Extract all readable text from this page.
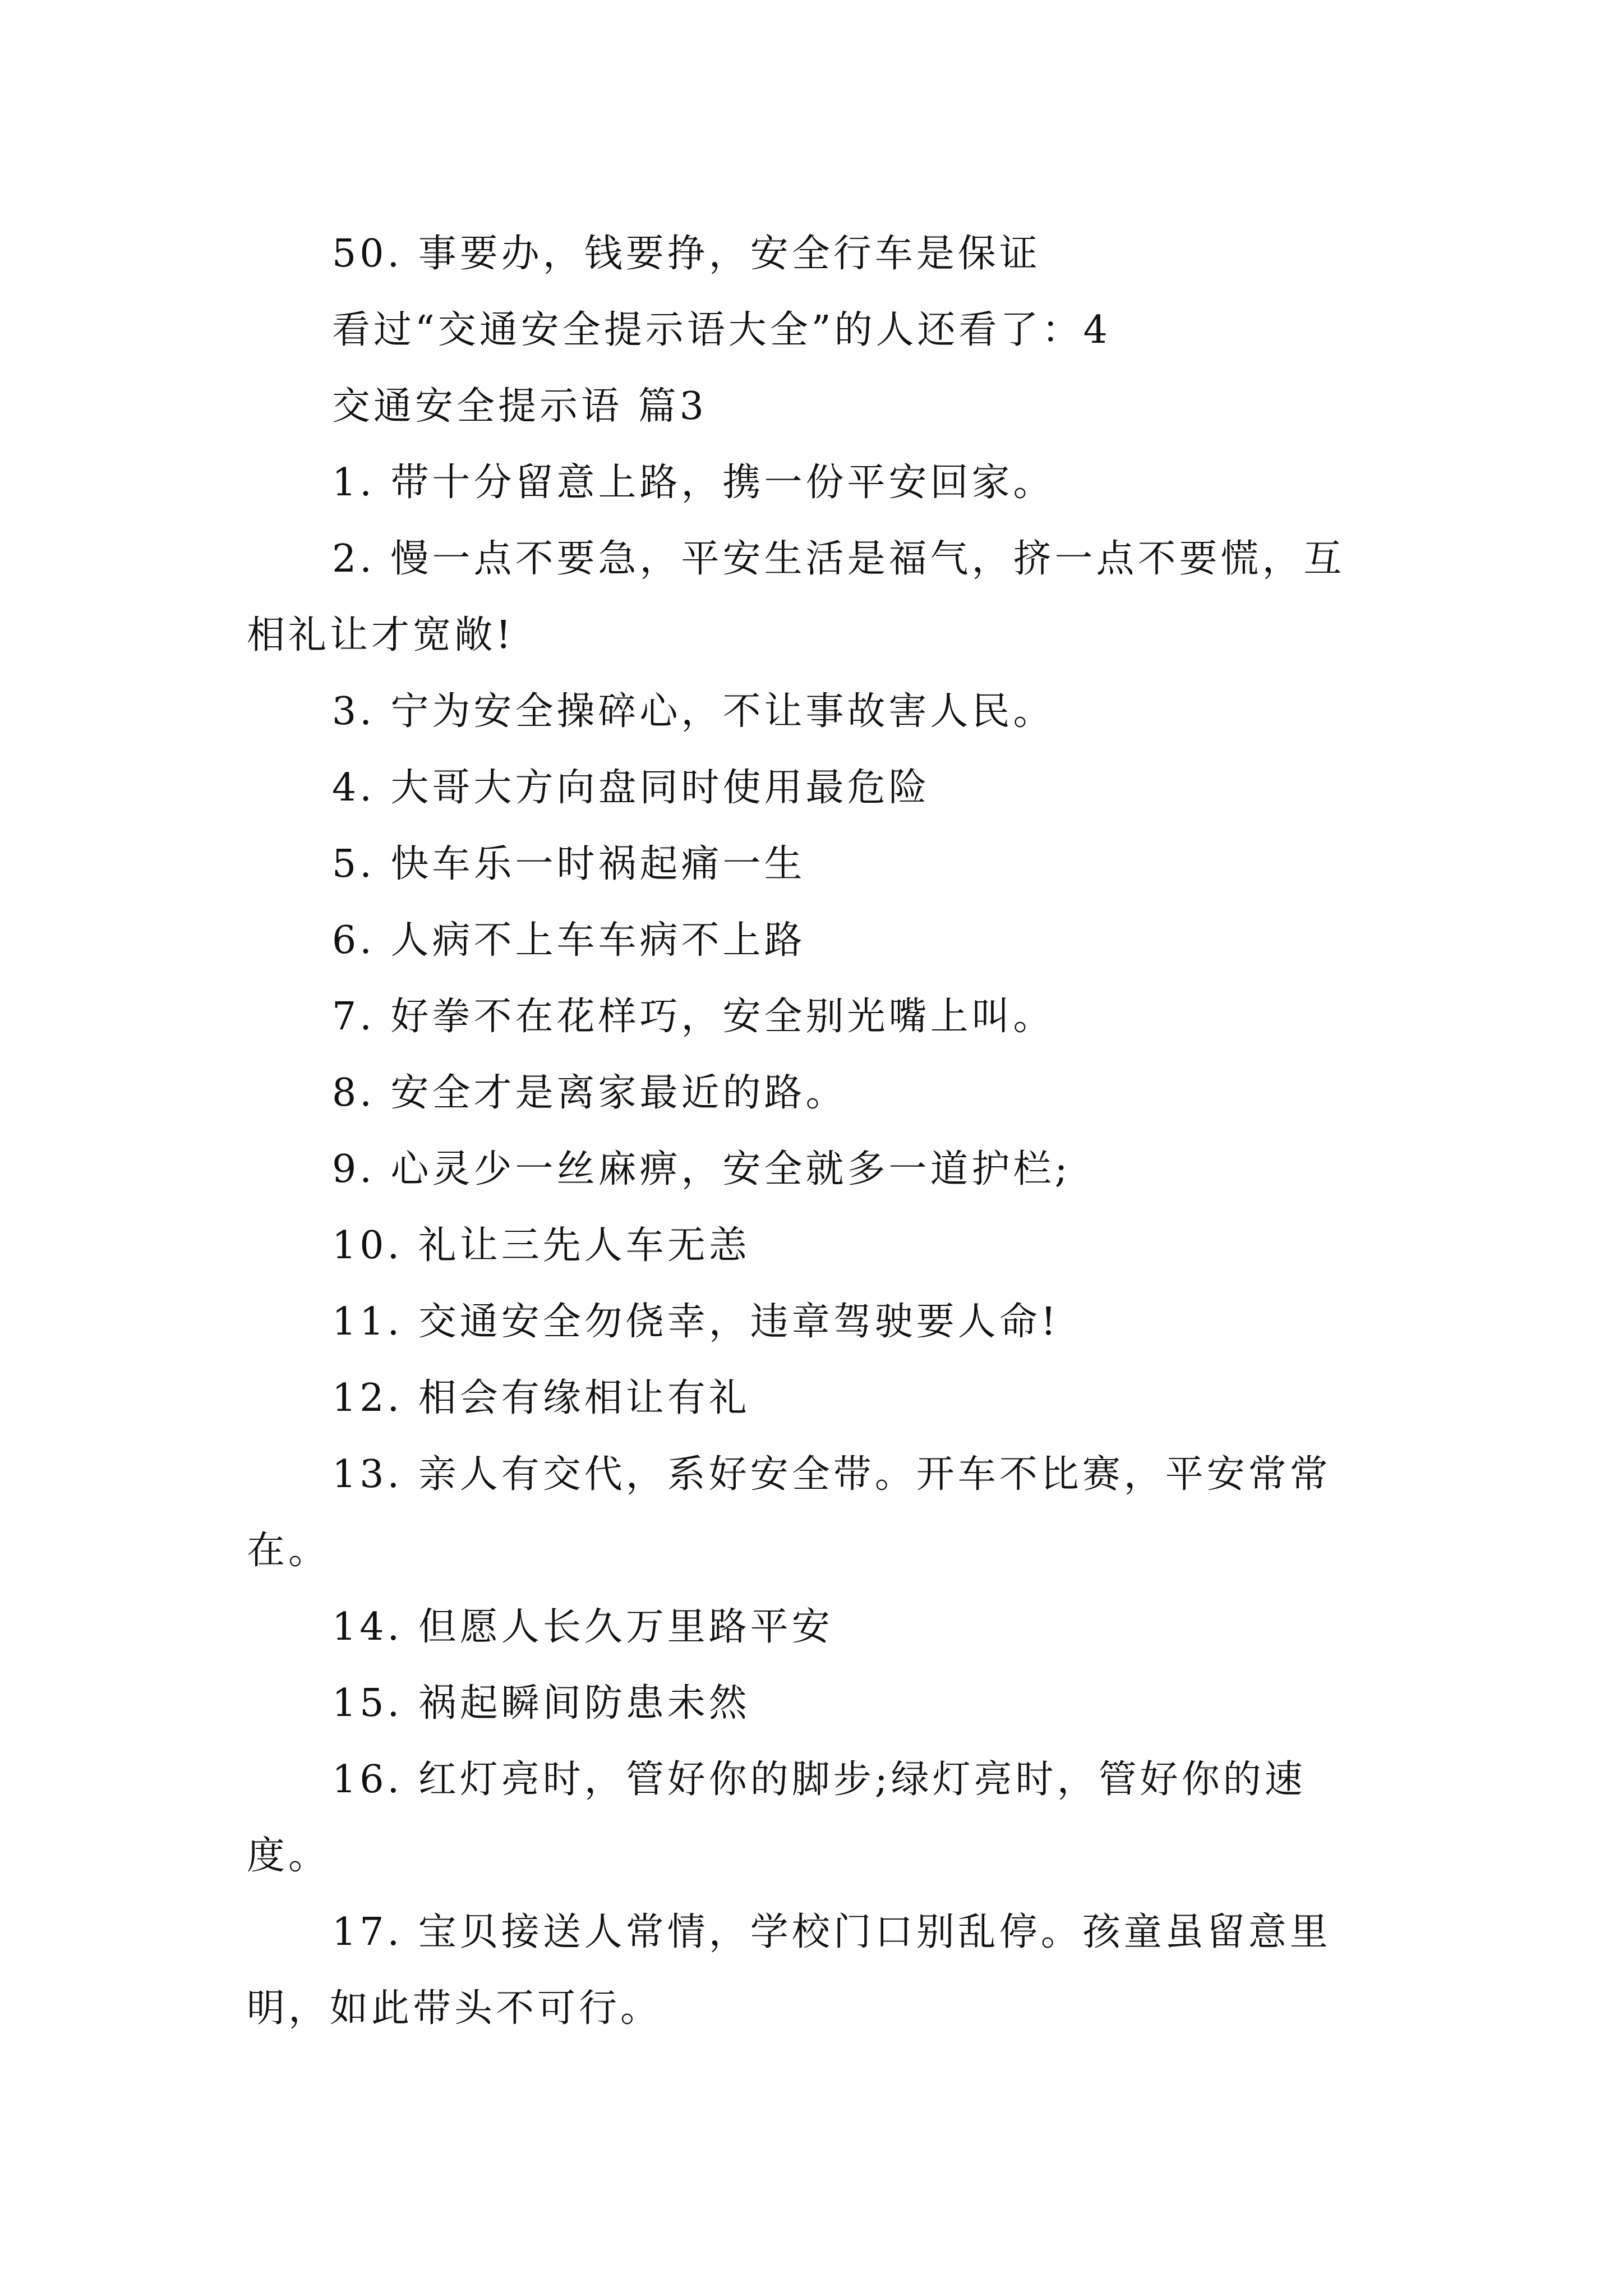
50. 事要办，钱要挣，安全行车是保证

看过“交通安全提示语大全”的人还看了：4

交通安全提示语 篇3

1. 带十分留意上路，携一份平安回家。

2. 慢一点不要急，平安生活是福气，挤一点不要慌，互相礼让才宽敞!

3. 宁为安全操碎心，不让事故害人民。

4. 大哥大方向盘同时使用最危险

5. 快车乐一时祸起痛一生

6. 人病不上车车病不上路

7. 好拳不在花样巧，安全别光嘴上叫。

8. 安全才是离家最近的路。

9. 心灵少一丝麻痹，安全就多一道护栏;

10. 礼让三先人车无恙

11. 交通安全勿侥幸，违章驾驶要人命!

12. 相会有缘相让有礼

13. 亲人有交代，系好安全带。开车不比赛，平安常常在。

14. 但愿人长久万里路平安

15. 祸起瞬间防患未然

16. 红灯亮时，管好你的脚步;绿灯亮时，管好你的速度。

17. 宝贝接送人常情，学校门口别乱停。孩童虽留意里明，如此带头不可行。
